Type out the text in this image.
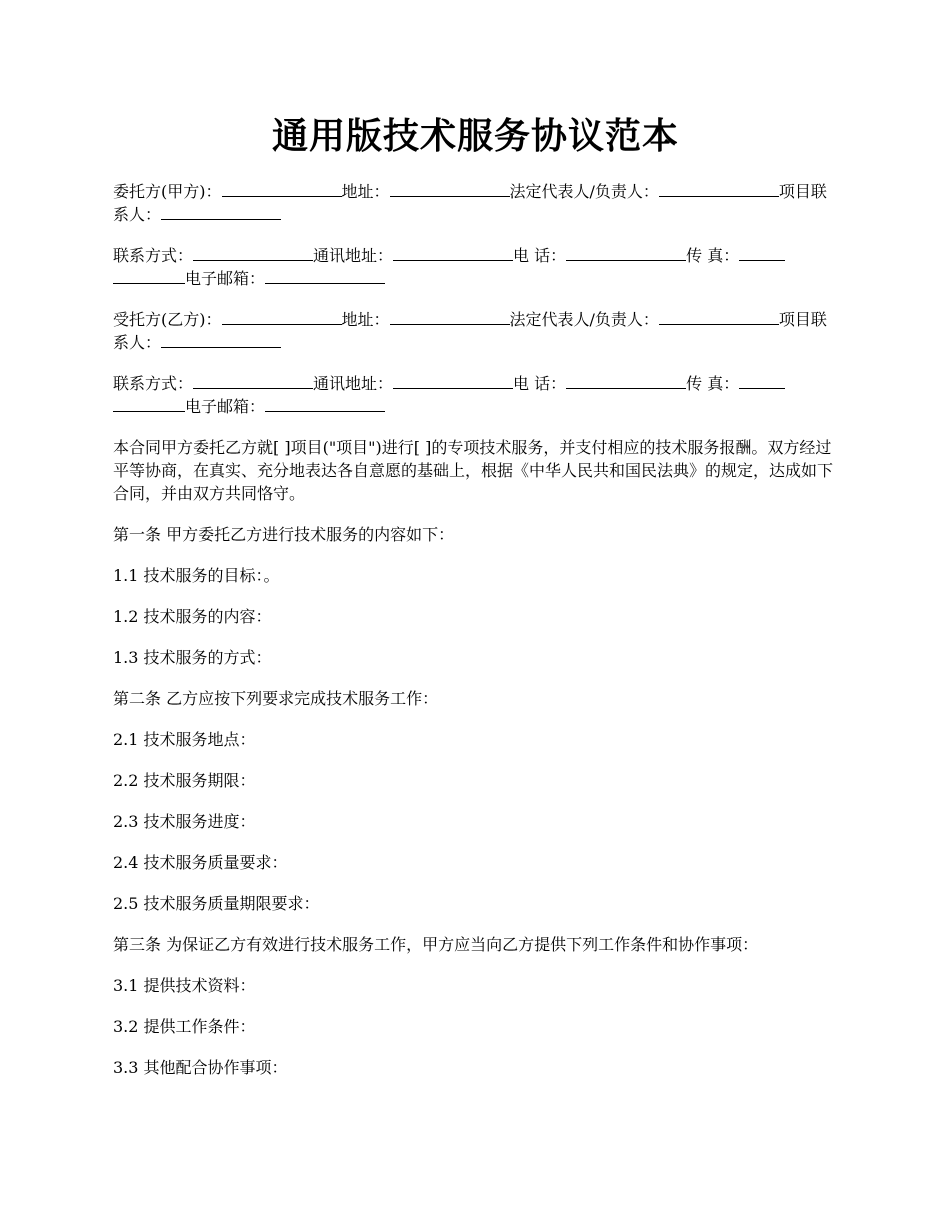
通用版技术服务协议范本

委托方(甲方)：	地址：	法定代表人/负责人：	项目联系人：

联系方式：	通讯地址：	电 话：	传 真：电子邮箱：

受托方(乙方)：	地址：	法定代表人/负责人：	项目联系人：

联系方式：	通讯地址：	电 话：	传 真：电子邮箱：

本合同甲方委托乙方就[ ]项目("项目")进行[ ]的专项技术服务，并支付相应的技术服务报酬。双方经过平等协商，在真实、充分地表达各自意愿的基础上，根据《中华人民共和国民法典》的规定，达成如下合同，并由双方共同恪守。

第一条 甲方委托乙方进行技术服务的内容如下：

1.1 技术服务的目标：。

1.2 技术服务的内容：

1.3 技术服务的方式：

第二条 乙方应按下列要求完成技术服务工作：

2.1 技术服务地点：

2.2 技术服务期限：

2.3 技术服务进度：

2.4 技术服务质量要求：

2.5 技术服务质量期限要求：

第三条 为保证乙方有效进行技术服务工作，甲方应当向乙方提供下列工作条件和协作事项：

3.1 提供技术资料：

3.2 提供工作条件：

3.3 其他配合协作事项：
